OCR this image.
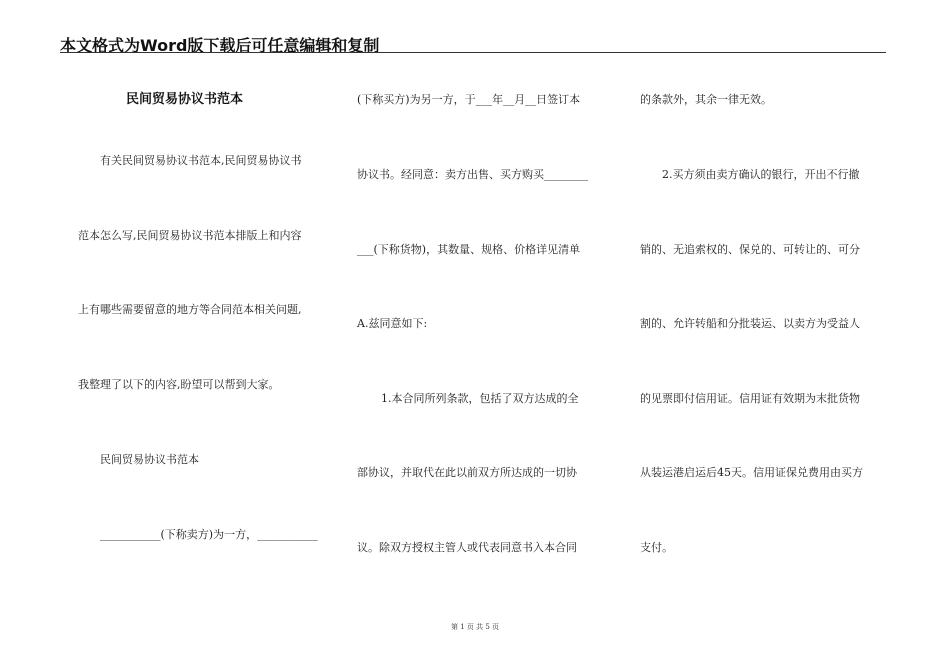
本文格式为Word版下载后可任意编辑和复制
民间贸易协议书范本
有关民间贸易协议书范本,民间贸易协议书
范本怎么写,民间贸易协议书范本排版上和内容
上有哪些需要留意的地方等合同范本相关问题,
我整理了以下的内容,盼望可以帮到大家。
民间贸易协议书范本
___________(下称卖方)为一方，___________
(下称买方)为另一方，于___年__月__日签订本
协议书。经同意：卖方出售、买方购买________
___(下称货物)，其数量、规格、价格详见清单
A.兹同意如下:
1.本合同所列条款，包括了双方达成的全
部协议，并取代在此以前双方所达成的一切协
议。除双方授权主管人或代表同意书入本合同
的条款外，其余一律无效。
2.买方须由卖方确认的银行，开出不行撤
销的、无追索权的、保兑的、可转让的、可分
割的、允许转船和分批装运、以卖方为受益人
的见票即付信用证。信用证有效期为末批货物
从装运港启运后45天。信用证保兑费用由买方
支付。
第 1 页 共 5 页
